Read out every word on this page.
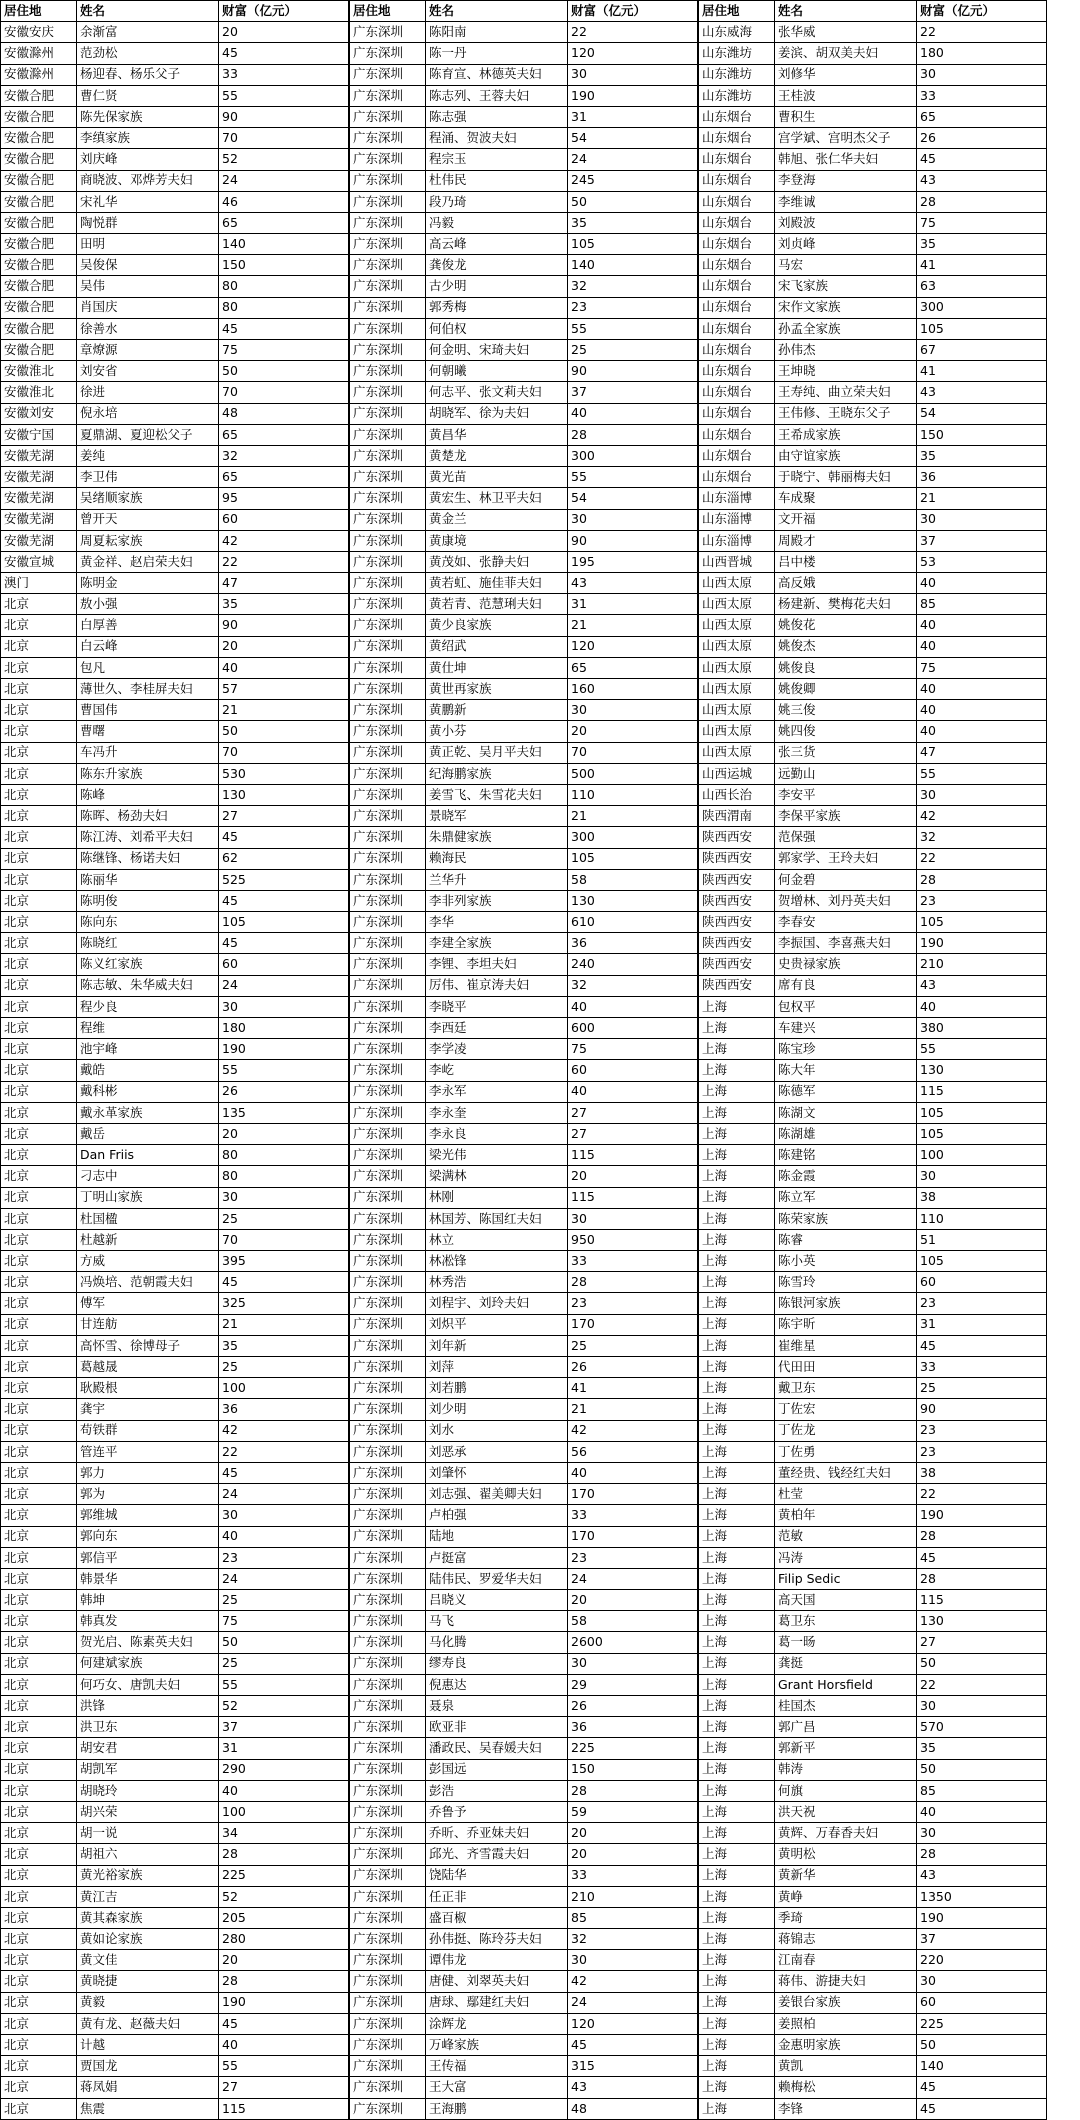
居住地	姓名	财富（亿元）
安徽安庆	余渐富	20
安徽滁州	范劲松	45
安徽滁州	杨迎春、杨乐父子	33
安徽合肥	曹仁贤	55
安徽合肥	陈先保家族	90
安徽合肥	李缜家族	70
安徽合肥	刘庆峰	52
安徽合肥	商晓波、邓烨芳夫妇	24
安徽合肥	宋礼华	46
安徽合肥	陶悦群	65
安徽合肥	田明	140
安徽合肥	吴俊保	150
安徽合肥	吴伟	80
安徽合肥	肖国庆	80
安徽合肥	徐善水	45
安徽合肥	章燎源	75
安徽淮北	刘安省	50
安徽淮北	徐进	70
安徽刘安	倪永培	48
安徽宁国	夏鼎湖、夏迎松父子	65
安徽芜湖	姜纯	32
安徽芜湖	李卫伟	65
安徽芜湖	吴绪顺家族	95
安徽芜湖	曾开天	60
安徽芜湖	周夏耘家族	42
安徽宣城	黄金祥、赵启荣夫妇	22
澳门	陈明金	47
北京	敖小强	35
北京	白厚善	90
北京	白云峰	20
北京	包凡	40
北京	薄世久、李桂屏夫妇	57
北京	曹国伟	21
北京	曹曙	50
北京	车冯升	70
北京	陈东升家族	530
北京	陈峰	130
北京	陈晖、杨劲夫妇	27
北京	陈江涛、刘希平夫妇	45
北京	陈继锋、杨诺夫妇	62
北京	陈丽华	525
北京	陈明俊	45
北京	陈向东	105
北京	陈晓红	45
北京	陈义红家族	60
北京	陈志敏、朱华威夫妇	24
北京	程少良	30
北京	程维	180
北京	池宇峰	190
北京	戴皓	55
北京	戴科彬	26
北京	戴永革家族	135
北京	戴岳	20
北京	Dan Friis	80
北京	刁志中	80
北京	丁明山家族	30
北京	杜国楹	25
北京	杜越新	70
北京	方威	395
北京	冯焕培、范朝霞夫妇	45
北京	傅军	325
北京	甘连舫	21
北京	高怀雪、徐博母子	35
北京	葛越晟	25
北京	耿殿根	100
北京	龚宇	36
北京	苟铁群	42
北京	管连平	22
北京	郭力	45
北京	郭为	24
北京	郭维城	30
北京	郭向东	40
北京	郭信平	23
北京	韩景华	24
北京	韩坤	25
北京	韩真发	75
北京	贺光启、陈素英夫妇	50
北京	何建斌家族	25
北京	何巧女、唐凯夫妇	55
北京	洪锋	52
北京	洪卫东	37
北京	胡安君	31
北京	胡凯军	290
北京	胡晓玲	40
北京	胡兴荣	100
北京	胡一说	34
北京	胡祖六	28
北京	黄光裕家族	225
北京	黄江吉	52
北京	黄其森家族	205
北京	黄如论家族	280
北京	黄文佳	20
北京	黄晓捷	28
北京	黄毅	190
北京	黄有龙、赵薇夫妇	45
北京	计越	40
北京	贾国龙	55
北京	蒋凤娟	27
北京	焦震	115
居住地	姓名	财富（亿元）
广东深圳	陈阳南	22
广东深圳	陈一丹	120
广东深圳	陈育宣、林德英夫妇	30
广东深圳	陈志列、王蓉夫妇	190
广东深圳	陈志强	31
广东深圳	程涌、贺波夫妇	54
广东深圳	程宗玉	24
广东深圳	杜伟民	245
广东深圳	段乃琦	50
广东深圳	冯毅	35
广东深圳	高云峰	105
广东深圳	龚俊龙	140
广东深圳	古少明	32
广东深圳	郭秀梅	23
广东深圳	何伯权	55
广东深圳	何金明、宋琦夫妇	25
广东深圳	何朝曦	90
广东深圳	何志平、张文莉夫妇	37
广东深圳	胡晓军、徐为夫妇	40
广东深圳	黄昌华	28
广东深圳	黄楚龙	300
广东深圳	黄光苗	55
广东深圳	黄宏生、林卫平夫妇	54
广东深圳	黄金兰	30
广东深圳	黄康境	90
广东深圳	黄茂如、张静夫妇	195
广东深圳	黄若虹、施佳菲夫妇	43
广东深圳	黄若青、范慧琍夫妇	31
广东深圳	黄少良家族	21
广东深圳	黄绍武	120
广东深圳	黄仕坤	65
广东深圳	黄世再家族	160
广东深圳	黄鹏新	30
广东深圳	黄小芬	20
广东深圳	黄正乾、吴月平夫妇	70
广东深圳	纪海鹏家族	500
广东深圳	姜雪飞、朱雪花夫妇	110
广东深圳	景晓军	21
广东深圳	朱鼎健家族	300
广东深圳	赖海民	105
广东深圳	兰华升	58
广东深圳	李非列家族	130
广东深圳	李华	610
广东深圳	李建全家族	36
广东深圳	李锂、李坦夫妇	240
广东深圳	厉伟、崔京涛夫妇	32
广东深圳	李晓平	40
广东深圳	李西廷	600
广东深圳	李学凌	75
广东深圳	李屹	60
广东深圳	李永军	40
广东深圳	李永奎	27
广东深圳	李永良	27
广东深圳	梁光伟	115
广东深圳	梁满林	20
广东深圳	林刚	115
广东深圳	林国芳、陈国红夫妇	30
广东深圳	林立	950
广东深圳	林凇锋	33
广东深圳	林秀浩	28
广东深圳	刘程宇、刘玲夫妇	23
广东深圳	刘炽平	170
广东深圳	刘年新	25
广东深圳	刘萍	26
广东深圳	刘若鹏	41
广东深圳	刘少明	21
广东深圳	刘水	42
广东深圳	刘恶承	56
广东深圳	刘肇怀	40
广东深圳	刘志强、翟美卿夫妇	170
广东深圳	卢柏强	33
广东深圳	陆地	170
广东深圳	卢挺富	23
广东深圳	陆伟民、罗爱华夫妇	24
广东深圳	吕晓义	20
广东深圳	马飞	58
广东深圳	马化腾	2600
广东深圳	缪寿良	30
广东深圳	倪惠达	29
广东深圳	聂泉	26
广东深圳	欧亚非	36
广东深圳	潘政民、吴春媛夫妇	225
广东深圳	彭国远	150
广东深圳	彭浩	28
广东深圳	乔鲁予	59
广东深圳	乔昕、乔亚妹夫妇	20
广东深圳	邱光、齐雪霞夫妇	20
广东深圳	饶陆华	33
广东深圳	任正非	210
广东深圳	盛百椒	85
广东深圳	孙伟挺、陈玲芬夫妇	32
广东深圳	谭伟龙	30
广东深圳	唐健、刘翠英夫妇	42
广东深圳	唐球、鄢建红夫妇	24
广东深圳	涂辉龙	120
广东深圳	万峰家族	45
广东深圳	王传福	315
广东深圳	王大富	43
广东深圳	王海鹏	48
居住地	姓名	财富（亿元）
山东威海	张华威	22
山东潍坊	姜滨、胡双美夫妇	180
山东潍坊	刘修华	30
山东潍坊	王桂波	33
山东烟台	曹积生	65
山东烟台	宫学斌、宫明杰父子	26
山东烟台	韩旭、张仁华夫妇	45
山东烟台	李登海	43
山东烟台	李维诚	28
山东烟台	刘殿波	75
山东烟台	刘贞峰	35
山东烟台	马宏	41
山东烟台	宋飞家族	63
山东烟台	宋作文家族	300
山东烟台	孙孟全家族	105
山东烟台	孙伟杰	67
山东烟台	王坤晓	41
山东烟台	王寿纯、曲立荣夫妇	43
山东烟台	王伟修、王晓东父子	54
山东烟台	王希成家族	150
山东烟台	由守谊家族	35
山东烟台	于晓宁、韩丽梅夫妇	36
山东淄博	车成聚	21
山东淄博	文开福	30
山东淄博	周殿才	37
山西晋城	吕中楼	53
山西太原	高反娥	40
山西太原	杨建新、樊梅花夫妇	85
山西太原	姚俊花	40
山西太原	姚俊杰	40
山西太原	姚俊良	75
山西太原	姚俊卿	40
山西太原	姚三俊	40
山西太原	姚四俊	40
山西太原	张三货	47
山西运城	远勤山	55
山西长治	李安平	30
陕西渭南	李保平家族	42
陕西西安	范保强	32
陕西西安	郭家学、王玲夫妇	22
陕西西安	何金碧	28
陕西西安	贺增林、刘丹英夫妇	23
陕西西安	李春安	105
陕西西安	李振国、李喜燕夫妇	190
陕西西安	史贵禄家族	210
陕西西安	席有良	43
上海	包权平	40
上海	车建兴	380
上海	陈宝珍	55
上海	陈大年	130
上海	陈德军	115
上海	陈湖文	105
上海	陈湖雄	105
上海	陈建铭	100
上海	陈金霞	30
上海	陈立军	38
上海	陈荣家族	110
上海	陈睿	51
上海	陈小英	105
上海	陈雪玲	60
上海	陈银河家族	23
上海	陈宇昕	31
上海	崔维星	45
上海	代田田	33
上海	戴卫东	25
上海	丁佐宏	90
上海	丁佐龙	23
上海	丁佐勇	23
上海	董经贵、钱经红夫妇	38
上海	杜莹	22
上海	黄柏年	190
上海	范敏	28
上海	冯涛	45
上海	Filip Sedic	28
上海	高天国	115
上海	葛卫东	130
上海	葛一旸	27
上海	龚挺	50
上海	Grant Horsfield	22
上海	桂国杰	30
上海	郭广昌	570
上海	郭新平	35
上海	韩涛	50
上海	何旗	85
上海	洪天祝	40
上海	黄辉、万春香夫妇	30
上海	黄明松	28
上海	黄新华	43
上海	黄峥	1350
上海	季琦	190
上海	蒋锦志	37
上海	江南春	220
上海	蒋伟、游捷夫妇	30
上海	姜银台家族	60
上海	姜照柏	225
上海	金惠明家族	50
上海	黄凯	140
上海	赖梅松	45
上海	李锋	45
